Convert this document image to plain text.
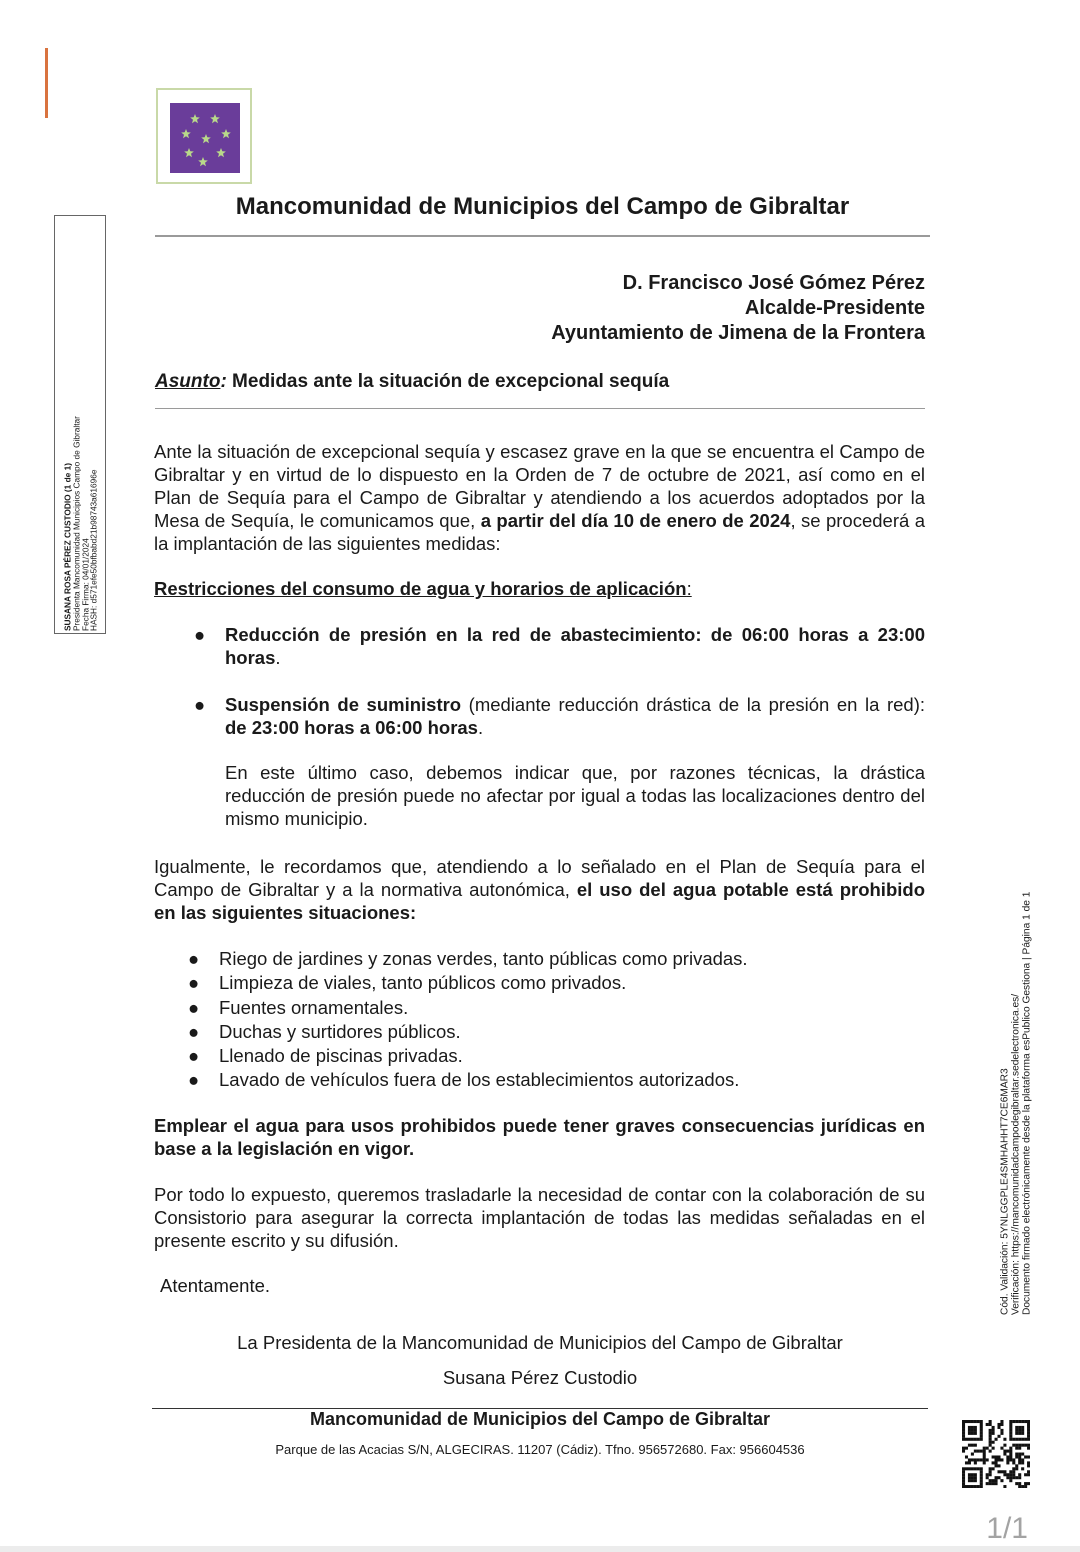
Mancomunidad de Municipios del Campo de Gibraltar
D. Francisco José Gómez Pérez
Alcalde-Presidente
Ayuntamiento de Jimena de la Frontera
Asunto: Medidas ante la situación de excepcional sequía
Ante la situación de excepcional sequía y escasez grave en la que se encuentra el Campo de Gibraltar y en virtud de lo dispuesto en la Orden de 7 de octubre de 2021, así como en el Plan de Sequía para el Campo de Gibraltar y atendiendo a los acuerdos adoptados por la Mesa de Sequía, le comunicamos que, a partir del día 10 de enero de 2024, se procederá a la implantación de las siguientes medidas:
Restricciones del consumo de agua y horarios de aplicación:
● Reducción de presión en la red de abastecimiento: de 06:00 horas a 23:00 horas.
● Suspensión de suministro (mediante reducción drástica de la presión en la red): de 23:00 horas a 06:00 horas.
En este último caso, debemos indicar que, por razones técnicas, la drástica reducción de presión puede no afectar por igual a todas las localizaciones dentro del mismo municipio.
Igualmente, le recordamos que, atendiendo a lo señalado en el Plan de Sequía para el Campo de Gibraltar y a la normativa autonómica, el uso del agua potable está prohibido en las siguientes situaciones:
● Riego de jardines y zonas verdes, tanto públicas como privadas.
● Limpieza de viales, tanto públicos como privados.
● Fuentes ornamentales.
● Duchas y surtidores públicos.
● Llenado de piscinas privadas.
● Lavado de vehículos fuera de los establecimientos autorizados.
Emplear el agua para usos prohibidos puede tener graves consecuencias jurídicas en base a la legislación en vigor.
Por todo lo expuesto, queremos trasladarle la necesidad de contar con la colaboración de su Consistorio para asegurar la correcta implantación de todas las medidas señaladas en el presente escrito y su difusión.
Atentamente.
La Presidenta de la Mancomunidad de Municipios del Campo de Gibraltar
Susana Pérez Custodio
Mancomunidad de Municipios del Campo de Gibraltar
Parque de las Acacias S/N, ALGECIRAS. 11207 (Cádiz). Tfno. 956572680. Fax: 956604536
SUSANA ROSA PÉREZ CUSTODIO (1 de 1)
Presidenta Mancomunidad Municipios Campo de Gibraltar
Fecha Firma: 04/01/2024
HASH: d571efe50bfbabd21b98743a61696e
Cód. Validación: 5YNLGGPLE4SMHAHHT7CE6MAR3 Verificación: https://mancomunidadcampodegibraltar.sedelectronica.es/ Documento firmado electrónicamente desde la plataforma esPublico Gestiona | Página 1 de 1
1/1
